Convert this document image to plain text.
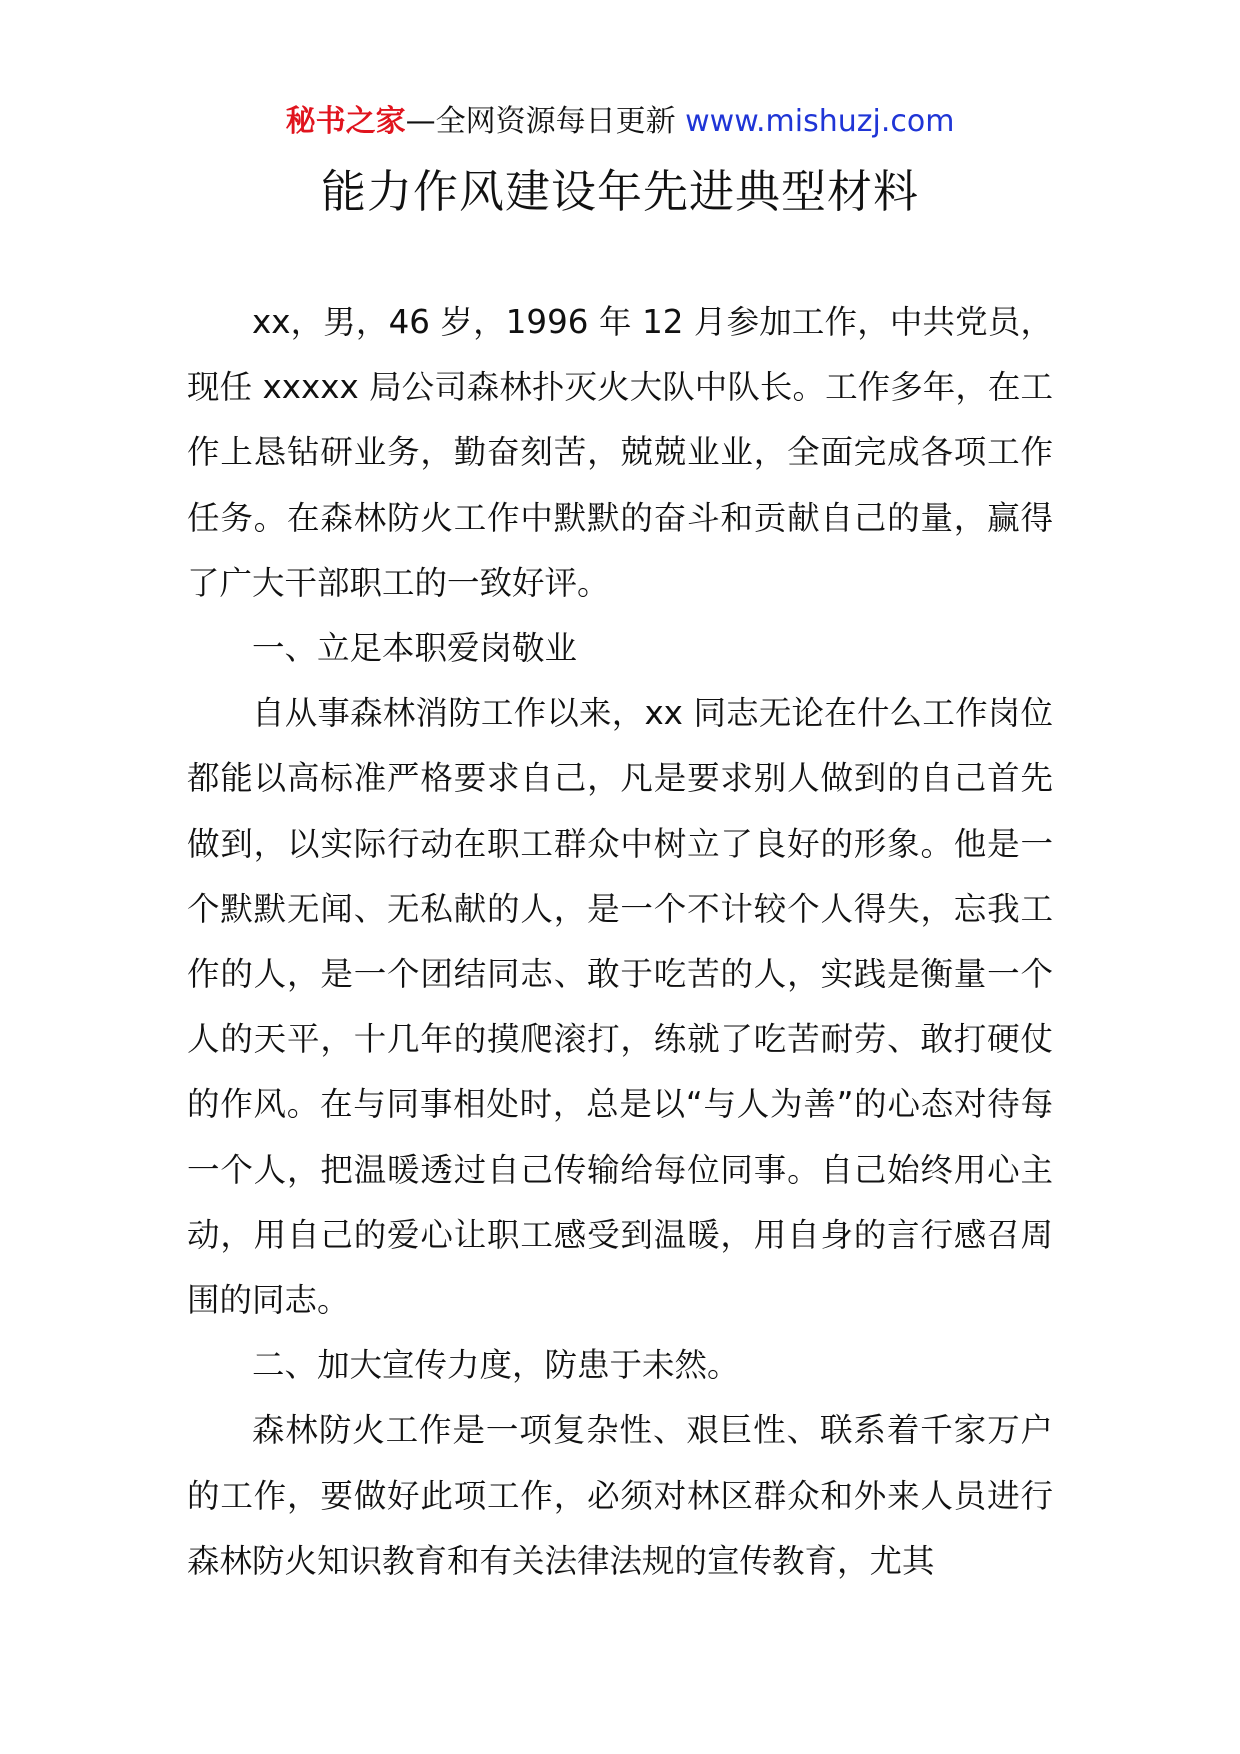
秘书之家—全网资源每日更新 www.mishuzj.com
能力作风建设年先进典型材料

xx，男，46 岁，1996 年 12 月参加工作，中共党员，现任 xxxxx 局公司森林扑灭火大队中队长。工作多年，在工作上恳钻研业务，勤奋刻苦，兢兢业业，全面完成各项工作任务。在森林防火工作中默默的奋斗和贡献自己的量，赢得了广大干部职工的一致好评。

一、立足本职爱岗敬业

自从事森林消防工作以来，xx 同志无论在什么工作岗位都能以高标准严格要求自己，凡是要求别人做到的自己首先做到，以实际行动在职工群众中树立了良好的形象。他是一个默默无闻、无私献的人，是一个不计较个人得失，忘我工作的人，是一个团结同志、敢于吃苦的人，实践是衡量一个人的天平，十几年的摸爬滚打，练就了吃苦耐劳、敢打硬仗的作风。在与同事相处时，总是以“与人为善”的心态对待每一个人，把温暖透过自己传输给每位同事。自己始终用心主动，用自己的爱心让职工感受到温暖，用自身的言行感召周围的同志。

二、加大宣传力度，防患于未然。

森林防火工作是一项复杂性、艰巨性、联系着千家万户的工作，要做好此项工作，必须对林区群众和外来人员进行森林防火知识教育和有关法律法规的宣传教育，尤其
